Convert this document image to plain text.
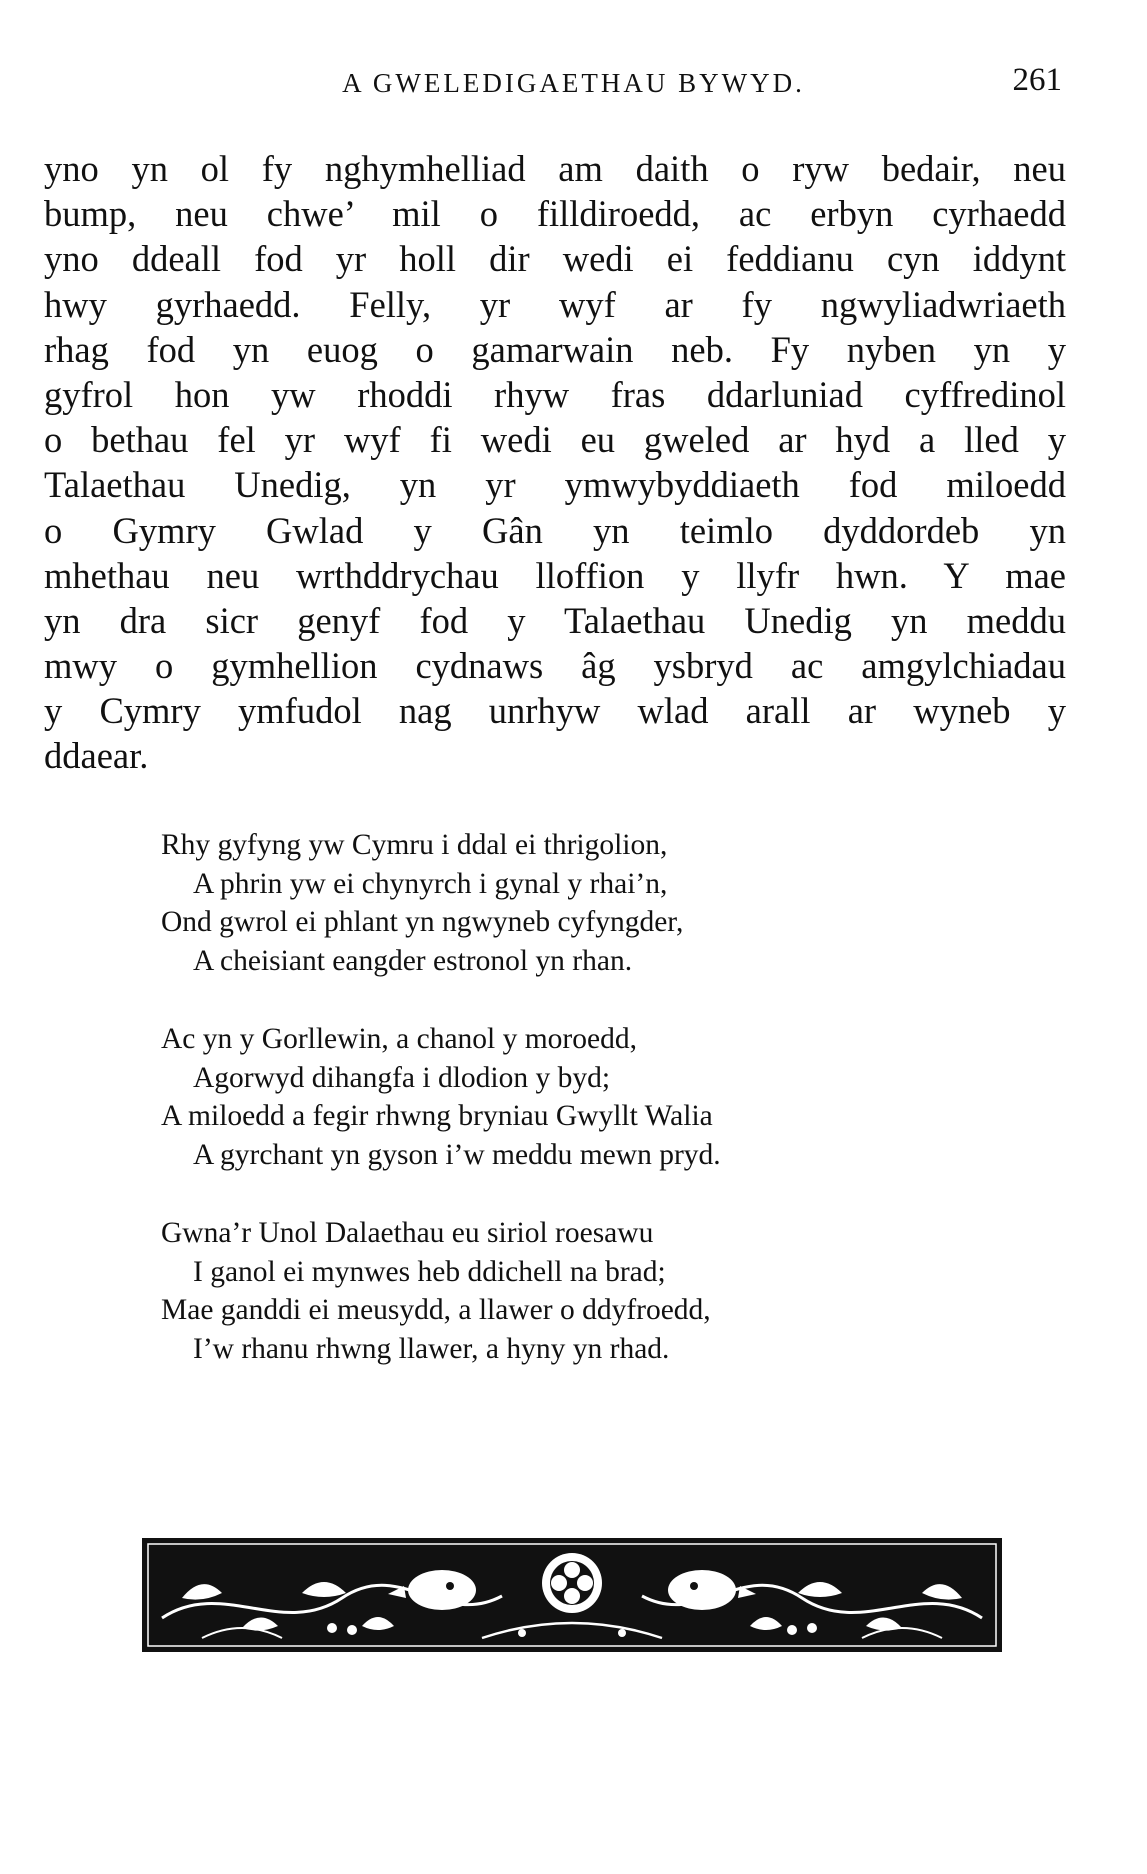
A GWELEDIGAETHAU BYWYD.	261
yno yn ol fy nghymhelliad am daith o ryw bedair, neu
bump, neu chwe’ mil o filldiroedd, ac erbyn cyrhaedd
yno ddeall fod yr holl dir wedi ei feddianu cyn iddynt
hwy gyrhaedd. Felly, yr wyf ar fy ngwyliadwriaeth
rhag fod yn euog o gamarwain neb. Fy nyben yn y
gyfrol hon yw rhoddi rhyw fras ddarluniad cyffredinol
o bethau fel yr wyf fi wedi eu gweled ar hyd a lled y
Talaethau Unedig, yn yr ymwybyddiaeth fod miloedd
o Gymry Gwlad y Gân yn teimlo dyddordeb yn
mhethau neu wrthddrychau lloffion y llyfr hwn. Y mae
yn dra sicr genyf fod y Talaethau Unedig yn meddu
mwy o gymhellion cydnaws âg ysbryd ac amgylchiadau
y Cymry ymfudol nag unrhyw wlad arall ar wyneb y
ddaear.
Rhy gyfyng yw Cymru i ddal ei thrigolion,
A phrin yw ei chynyrch i gynal y rhai’n,
Ond gwrol ei phlant yn ngwyneb cyfyngder,
A cheisiant eangder estronol yn rhan.
Ac yn y Gorllewin, a chanol y moroedd,
Agorwyd dihangfa i dlodion y byd;
A miloedd a fegir rhwng bryniau Gwyllt Walia
A gyrchant yn gyson i’w meddu mewn pryd.
Gwna’r Unol Dalaethau eu siriol roesawu
I ganol ei mynwes heb ddichell na brad;
Mae ganddi ei meusydd, a llawer o ddyfroedd,
I’w rhanu rhwng llawer, a hyny yn rhad.
